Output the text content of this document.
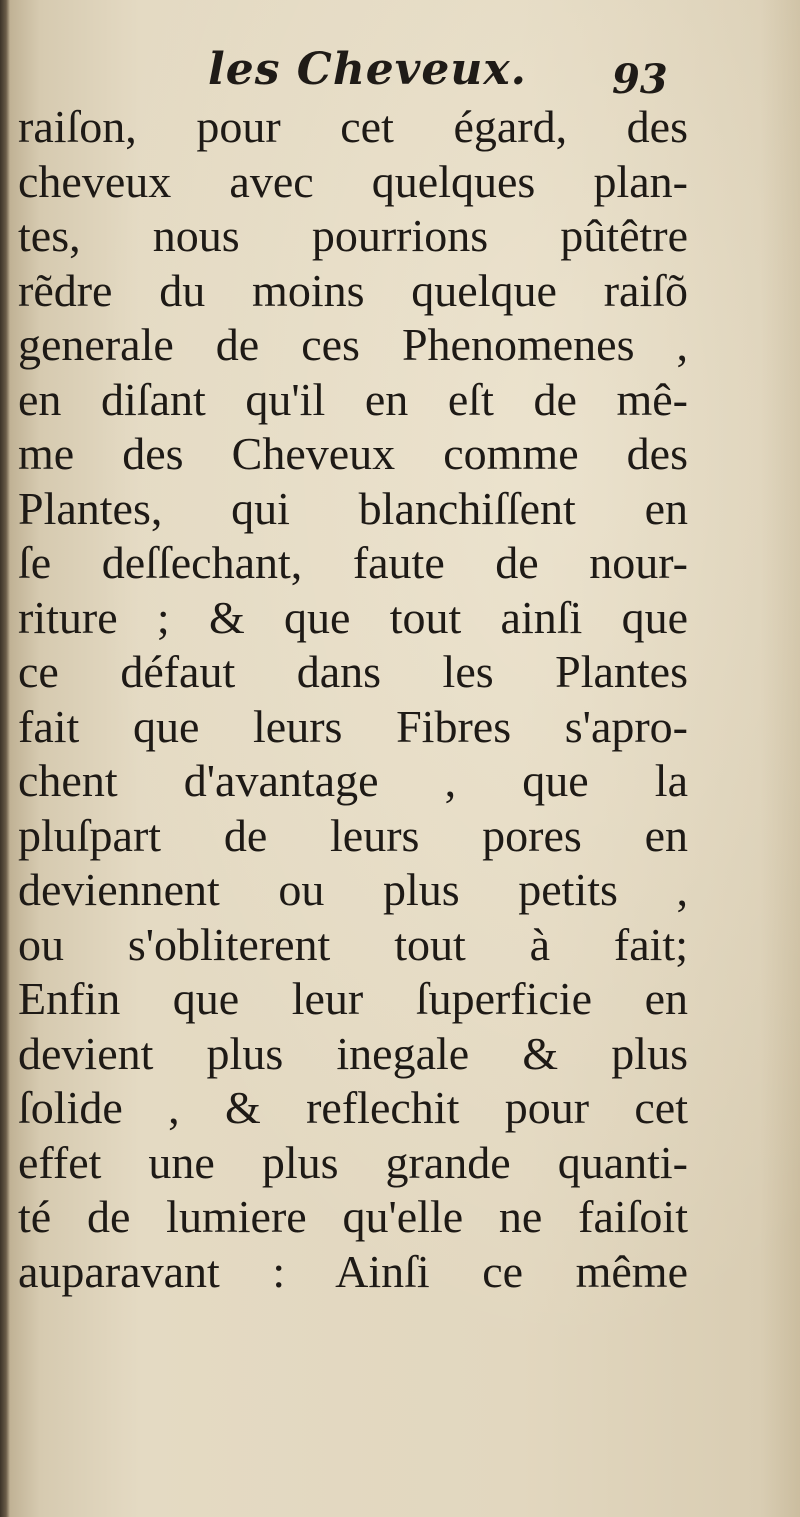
les Cheveux. 93
raiſon, pour cet égard, des
cheveux avec quelques plan-
tes, nous pourrions pûtêtre
rẽdre du moins quelque raiſõ
generale de ces Phenomenes ,
en diſant qu'il en eſt de mê-
me des Cheveux comme des
Plantes, qui blanchiſſent en
ſe deſſechant, faute de nour-
riture ; & que tout ainſi que
ce défaut dans les Plantes
fait que leurs Fibres s'apro-
chent d'avantage , que la
pluſpart de leurs pores en
deviennent ou plus petits ,
ou s'obliterent tout à fait;
Enfin que leur ſuperficie en
devient plus inegale & plus
ſolide , & reflechit pour cet
effet une plus grande quanti-
té de lumiere qu'elle ne faiſoit
auparavant : Ainſi ce même
